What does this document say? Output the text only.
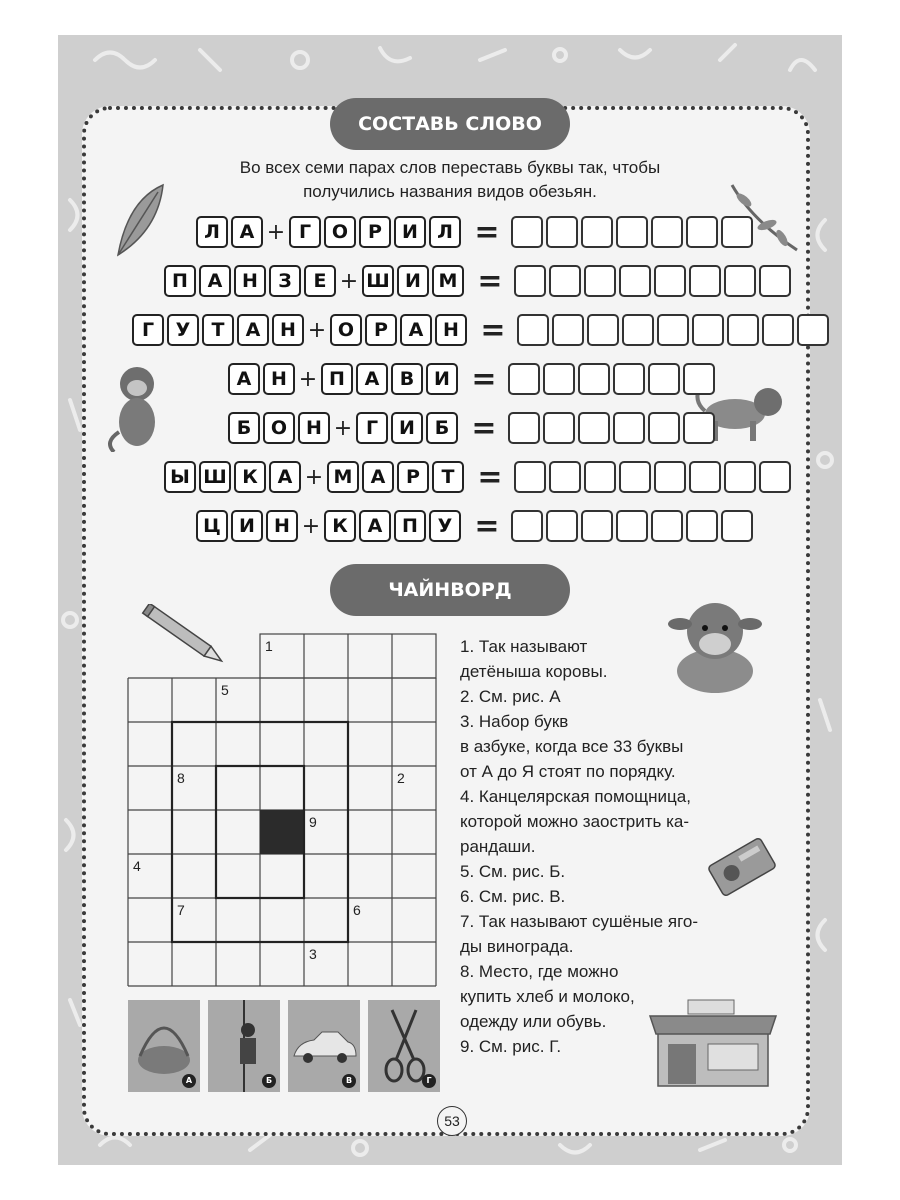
СОСТАВЬ СЛОВО
Во всех семи парах слов переставь буквы так, чтобы
получились названия видов обезьян.
Л	А + Г	О	Р	И	Л =
П	А	Н	З	Е + Ш И М =
Г	У	Т	А	Н + О	Р	А	Н =
А	Н + П	А	В	И =
Б	О Н + Г	И	Б =
Ы Ш К	А + М А	Р	Т =
Ц И	Н + К	А	П	У =
ЧАЙНВОРД
1
2
3
4
5
6
7
8
9
1. Так называют
детёныша коровы.
2. См. рис. А
3. Набор букв
в азбуке, когда все 33 буквы
от А до Я стоят по порядку.
4. Канцелярская помощница,
которой можно заострить ка-
рандаши.
5. См. рис. Б.
6. См. рис. В.
7. Так называют сушёные яго-
ды винограда.
8. Место, где можно
купить хлеб и молоко,
одежду или обувь.
9. См. рис. Г.
А	Б	В	Г
53
